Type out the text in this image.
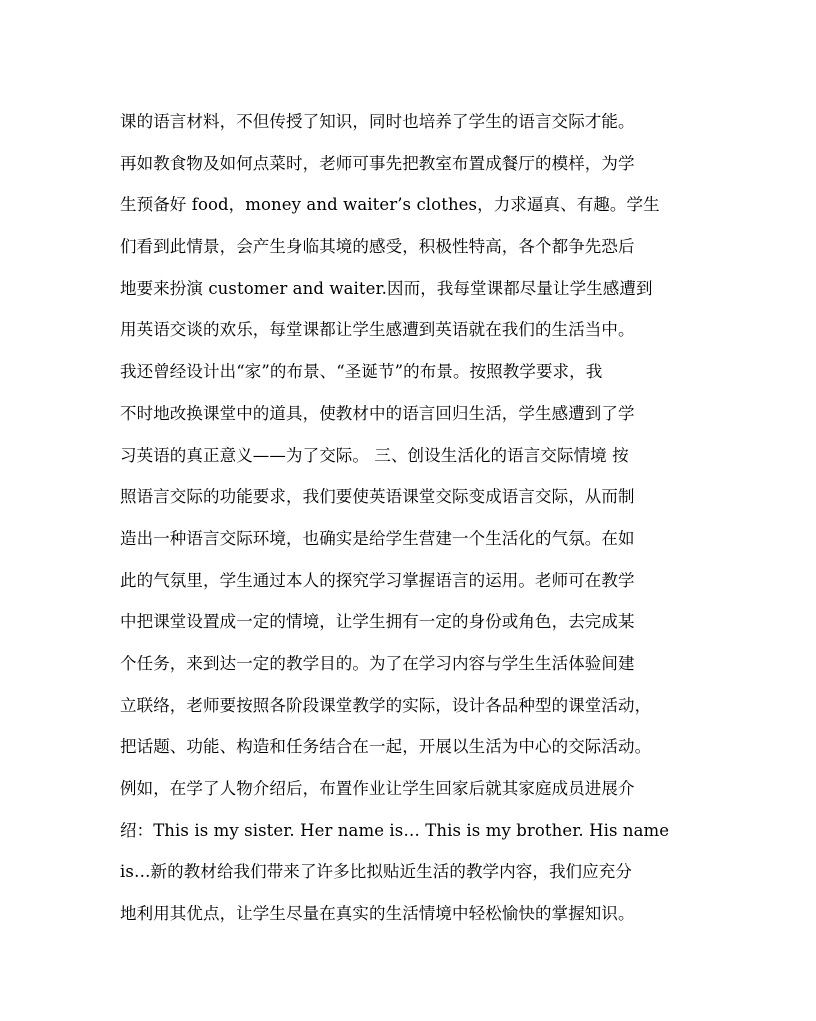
课的语言材料，不但传授了知识，同时也培养了学生的语言交际才能。
再如教食物及如何点菜时，老师可事先把教室布置成餐厅的模样，为学
生预备好 food，money and waiter’s clothes，力求逼真、有趣。学生
们看到此情景，会产生身临其境的感受，积极性特高，各个都争先恐后
地要来扮演 customer and waiter.因而，我每堂课都尽量让学生感遭到
用英语交谈的欢乐，每堂课都让学生感遭到英语就在我们的生活当中。
我还曾经设计出“家”的布景、“圣诞节”的布景。按照教学要求，我
不时地改换课堂中的道具，使教材中的语言回归生活，学生感遭到了学
习英语的真正意义——为了交际。 三、创设生活化的语言交际情境 按
照语言交际的功能要求，我们要使英语课堂交际变成语言交际，从而制
造出一种语言交际环境，也确实是给学生营建一个生活化的气氛。在如
此的气氛里，学生通过本人的探究学习掌握语言的运用。老师可在教学
中把课堂设置成一定的情境，让学生拥有一定的身份或角色，去完成某
个任务，来到达一定的教学目的。为了在学习内容与学生生活体验间建
立联络，老师要按照各阶段课堂教学的实际，设计各品种型的课堂活动，
把话题、功能、构造和任务结合在一起，开展以生活为中心的交际活动。
例如，在学了人物介绍后，布置作业让学生回家后就其家庭成员进展介
绍：This is my sister. Her name is… This is my brother. His name
is…新的教材给我们带来了许多比拟贴近生活的教学内容，我们应充分
地利用其优点，让学生尽量在真实的生活情境中轻松愉快的掌握知识。
